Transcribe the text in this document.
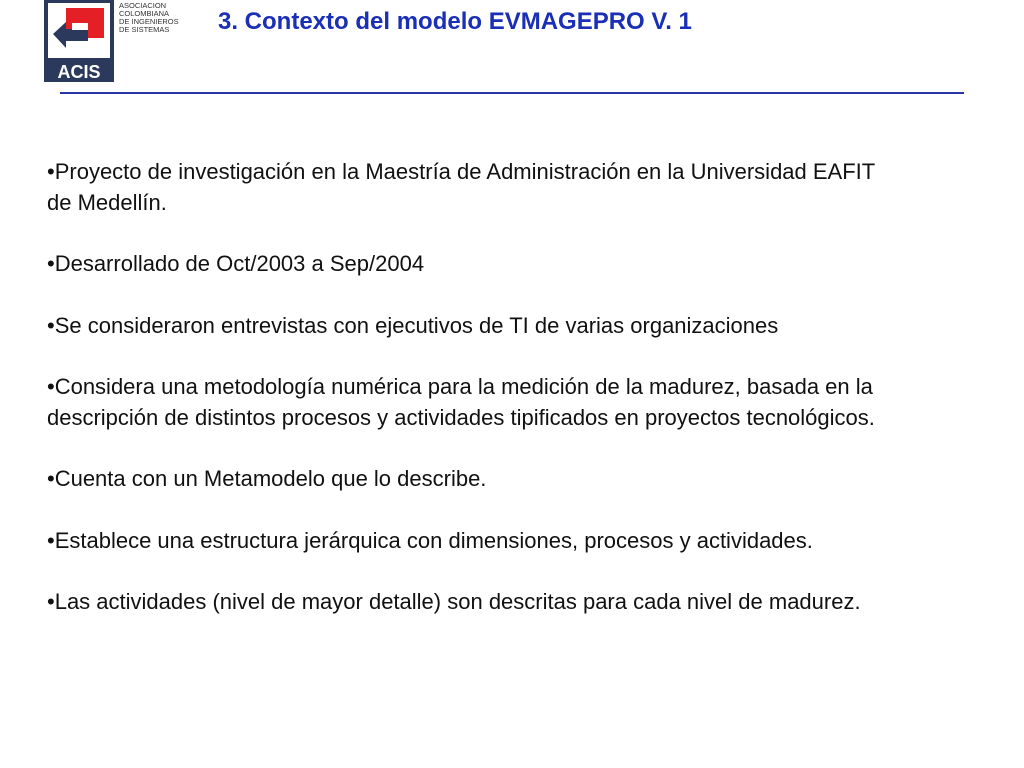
ACIS
ASOCIACION
COLOMBIANA
DE INGENIEROS
DE SISTEMAS 3. Contexto del modelo EVMAGEPRO V. 1
•Proyecto de investigación en la Maestría de Administración en la Universidad EAFIT de Medellín.
•Desarrollado de Oct/2003 a Sep/2004
•Se consideraron entrevistas con ejecutivos de TI de varias organizaciones
•Considera una metodología numérica para la medición de la madurez, basada en la descripción de distintos procesos y actividades tipificados en proyectos tecnológicos.
•Cuenta con un Metamodelo que lo describe.
•Establece una estructura jerárquica con dimensiones, procesos y actividades.
•Las actividades (nivel de mayor detalle) son descritas para cada nivel de madurez.
